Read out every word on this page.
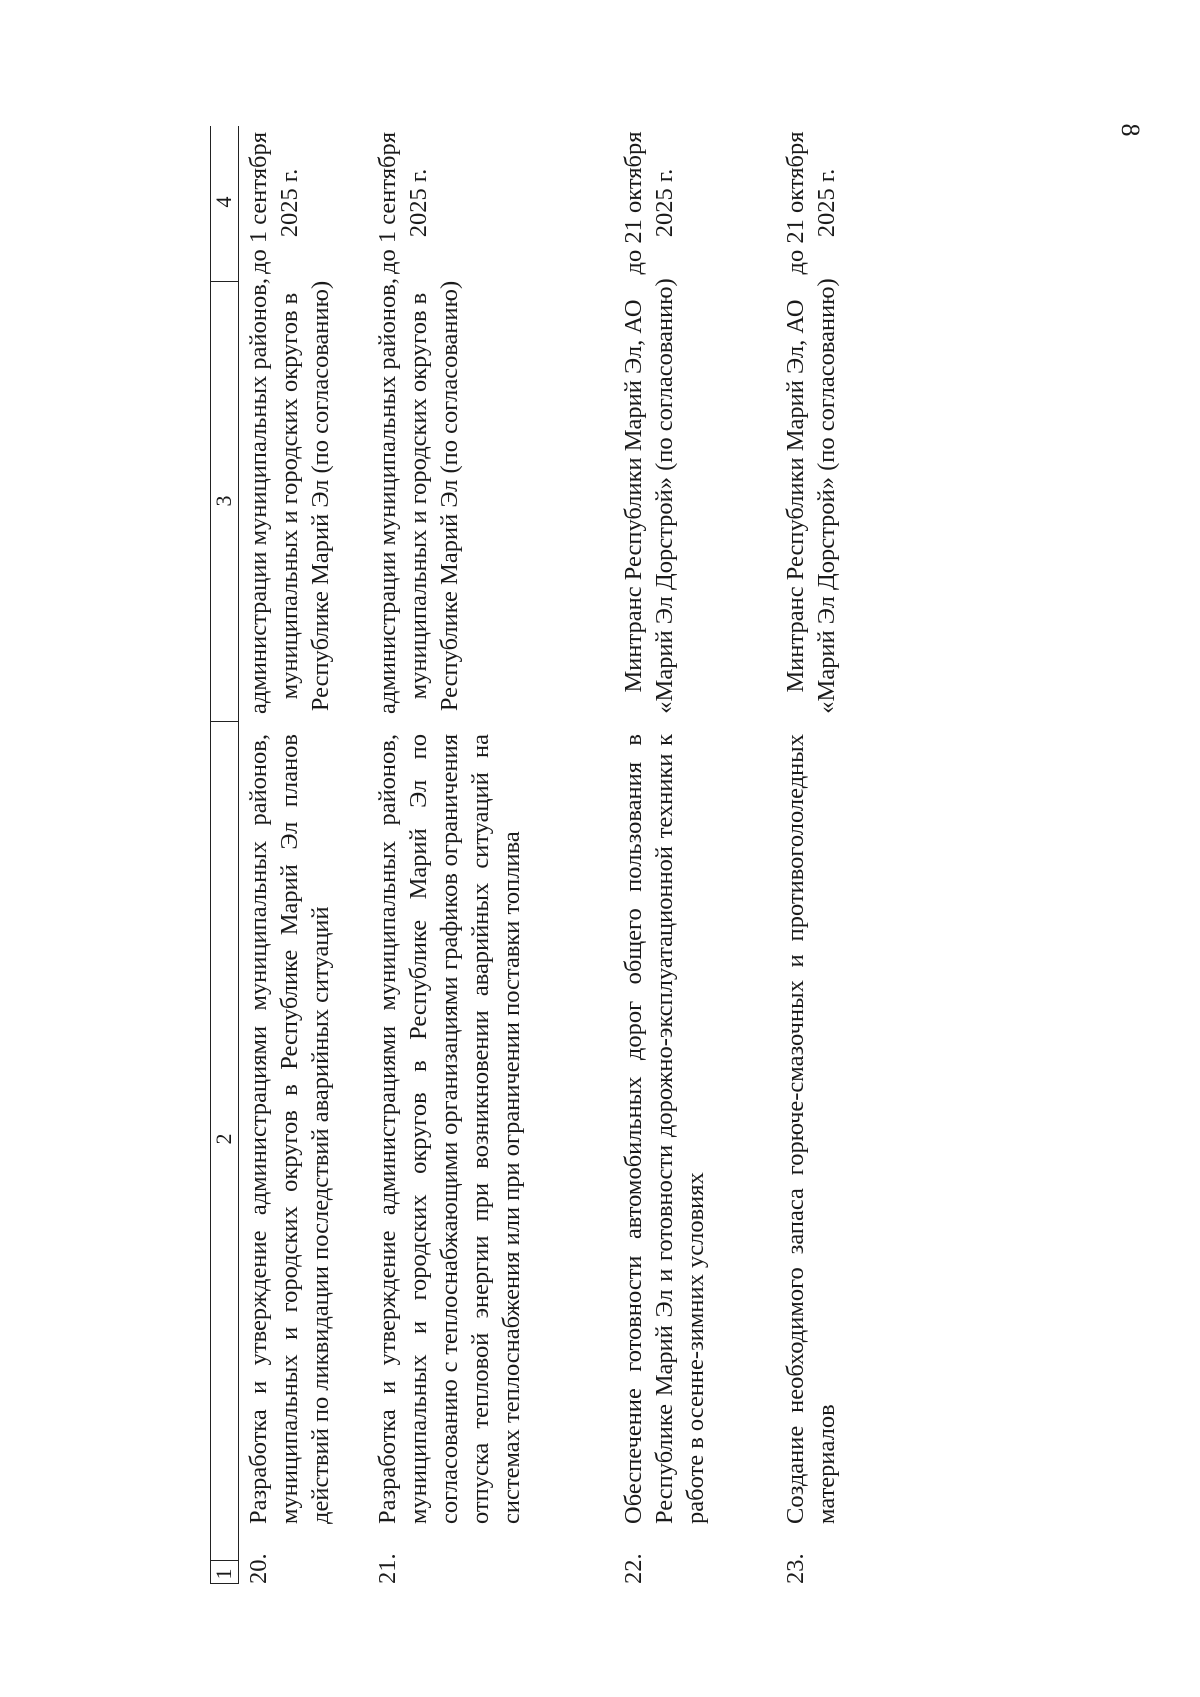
8
1
2
3
4
20.
Разработка и утверждение администрациями муниципальных районов, муниципальных и городских округов в Республике Марий Эл планов действий по ликвидации последствий аварийных ситуаций
администрации муниципальных районов, муниципальных и городских округов в Республике Марий Эл (по согласованию)
до 1 сентября 2025 г.
21.
Разработка и утверждение администрациями муниципальных районов, муниципальных и городских округов в Республике Марий Эл по согласованию с теплоснабжающими организациями графиков ограничения отпуска тепловой энергии при возникновении аварийных ситуаций на системах теплоснабжения или при ограничении поставки топлива
администрации муниципальных районов, муниципальных и городских округов в Республике Марий Эл (по согласованию)
до 1 сентября 2025 г.
22.
Обеспечение готовности автомобильных дорог общего пользования в Республике Марий Эл и готовности дорожно-эксплуатационной техники к работе в осенне-зимних условиях
Минтранс Республики Марий Эл, АО «Марий Эл Дорстрой» (по согласованию)
до 21 октября 2025 г.
23.
Создание необходимого запаса горюче-смазочных и противогололедных материалов
Минтранс Республики Марий Эл, АО «Марий Эл Дорстрой» (по согласованию)
до 21 октября 2025 г.
